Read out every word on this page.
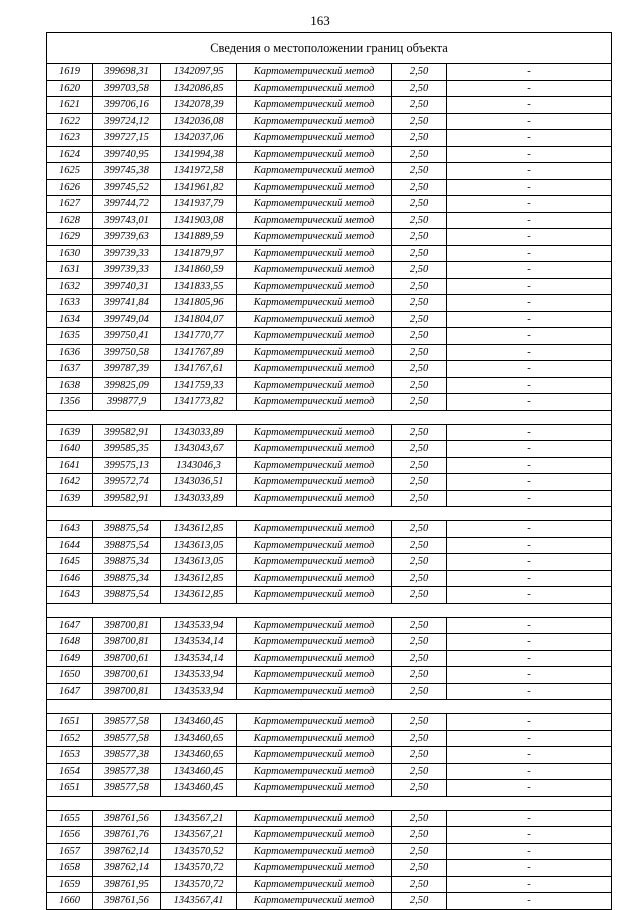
163
Сведения о местоположении границ объекта
1619	399698,31	1342097,95	Картометрический метод	2,50	-
1620	399703,58	1342086,85	Картометрический метод	2,50	-
1621	399706,16	1342078,39	Картометрический метод	2,50	-
1622	399724,12	1342036,08	Картометрический метод	2,50	-
1623	399727,15	1342037,06	Картометрический метод	2,50	-
1624	399740,95	1341994,38	Картометрический метод	2,50	-
1625	399745,38	1341972,58	Картометрический метод	2,50	-
1626	399745,52	1341961,82	Картометрический метод	2,50	-
1627	399744,72	1341937,79	Картометрический метод	2,50	-
1628	399743,01	1341903,08	Картометрический метод	2,50	-
1629	399739,63	1341889,59	Картометрический метод	2,50	-
1630	399739,33	1341879,97	Картометрический метод	2,50	-
1631	399739,33	1341860,59	Картометрический метод	2,50	-
1632	399740,31	1341833,55	Картометрический метод	2,50	-
1633	399741,84	1341805,96	Картометрический метод	2,50	-
1634	399749,04	1341804,07	Картометрический метод	2,50	-
1635	399750,41	1341770,77	Картометрический метод	2,50	-
1636	399750,58	1341767,89	Картометрический метод	2,50	-
1637	399787,39	1341767,61	Картометрический метод	2,50	-
1638	399825,09	1341759,33	Картометрический метод	2,50	-
1356	399877,9	1341773,82	Картометрический метод	2,50	-
1639	399582,91	1343033,89	Картометрический метод	2,50	-
1640	399585,35	1343043,67	Картометрический метод	2,50	-
1641	399575,13	1343046,3	Картометрический метод	2,50	-
1642	399572,74	1343036,51	Картометрический метод	2,50	-
1639	399582,91	1343033,89	Картометрический метод	2,50	-
1643	398875,54	1343612,85	Картометрический метод	2,50	-
1644	398875,54	1343613,05	Картометрический метод	2,50	-
1645	398875,34	1343613,05	Картометрический метод	2,50	-
1646	398875,34	1343612,85	Картометрический метод	2,50	-
1643	398875,54	1343612,85	Картометрический метод	2,50	-
1647	398700,81	1343533,94	Картометрический метод	2,50	-
1648	398700,81	1343534,14	Картометрический метод	2,50	-
1649	398700,61	1343534,14	Картометрический метод	2,50	-
1650	398700,61	1343533,94	Картометрический метод	2,50	-
1647	398700,81	1343533,94	Картометрический метод	2,50	-
1651	398577,58	1343460,45	Картометрический метод	2,50	-
1652	398577,58	1343460,65	Картометрический метод	2,50	-
1653	398577,38	1343460,65	Картометрический метод	2,50	-
1654	398577,38	1343460,45	Картометрический метод	2,50	-
1651	398577,58	1343460,45	Картометрический метод	2,50	-
1655	398761,56	1343567,21	Картометрический метод	2,50	-
1656	398761,76	1343567,21	Картометрический метод	2,50	-
1657	398762,14	1343570,52	Картометрический метод	2,50	-
1658	398762,14	1343570,72	Картометрический метод	2,50	-
1659	398761,95	1343570,72	Картометрический метод	2,50	-
1660	398761,56	1343567,41	Картометрический метод	2,50	-
